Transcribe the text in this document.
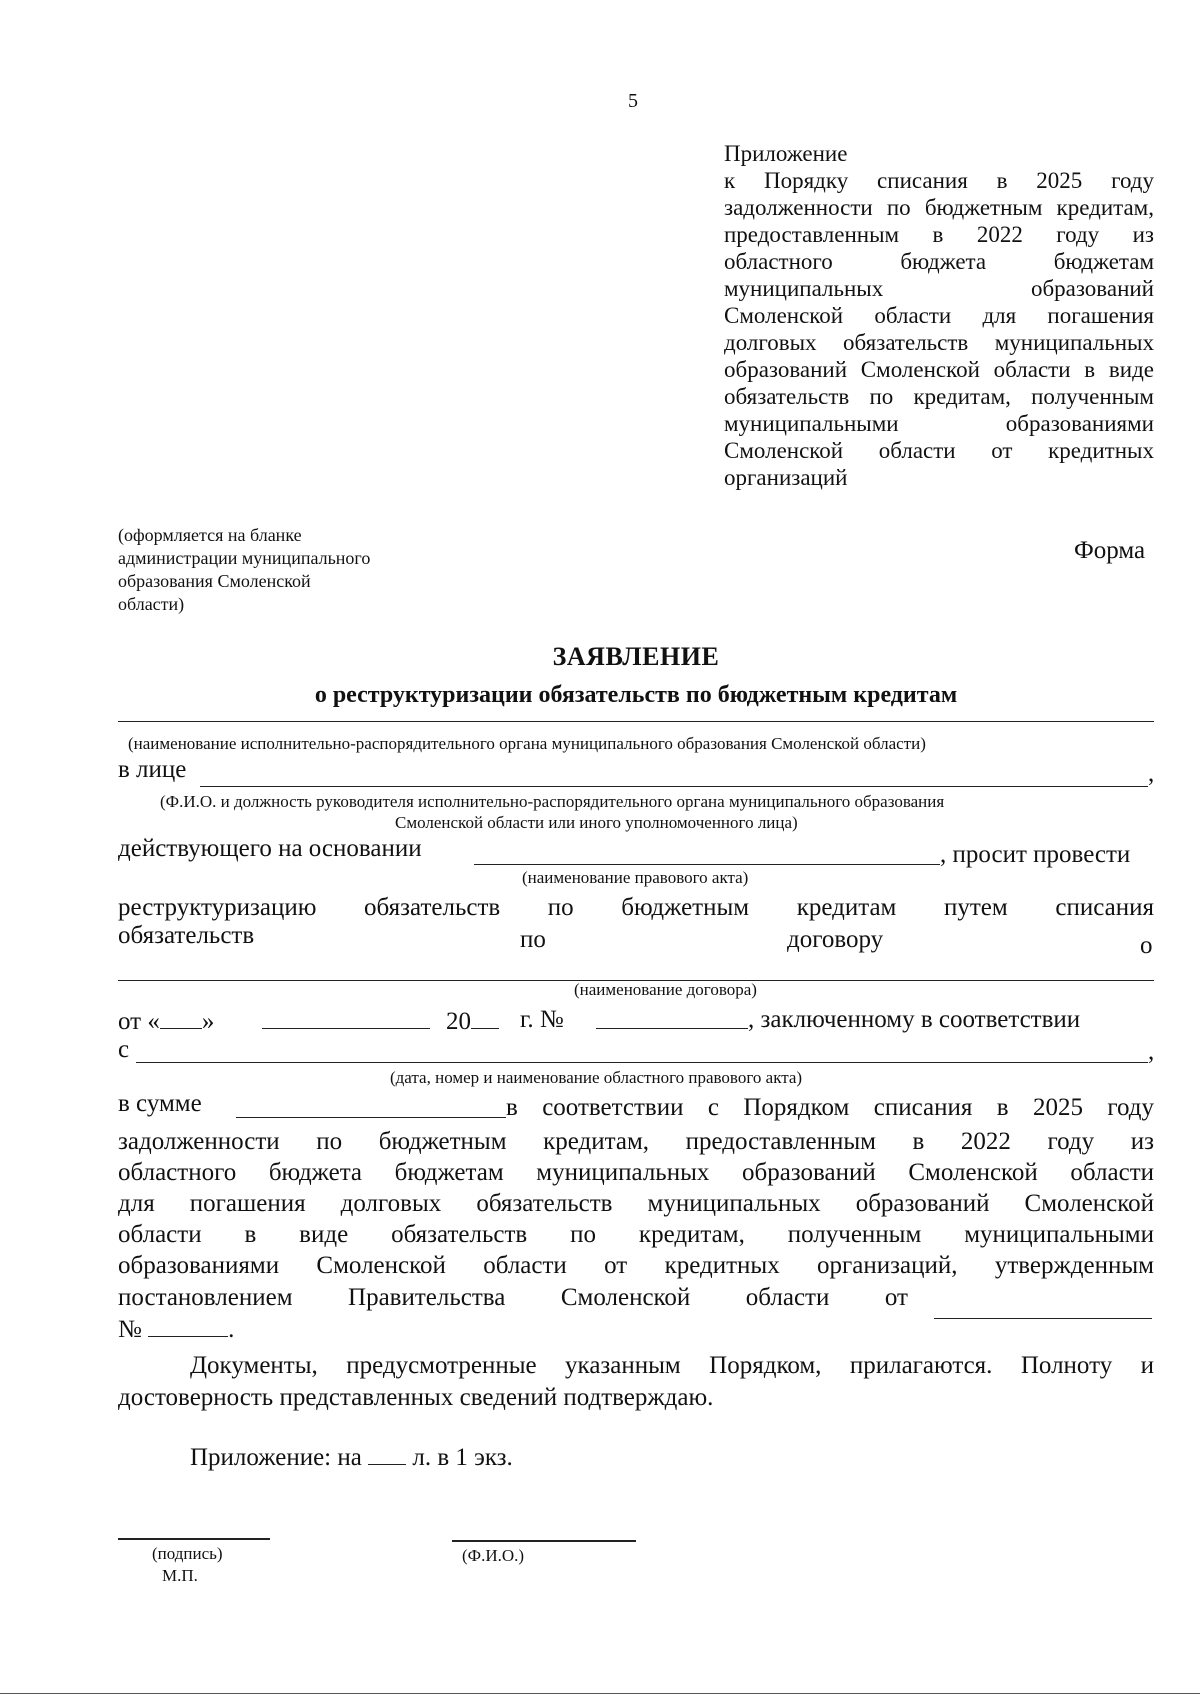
5
Приложение
к Порядку списания в 2025 году
задолженности по бюджетным кредитам,
предоставленным в 2022 году из
областного бюджета бюджетам
муниципальных образований
Смоленской области для погашения
долговых обязательств муниципальных
образований Смоленской области в виде
обязательств по кредитам, полученным
муниципальными образованиями
Смоленской области от кредитных
организаций
(оформляется на бланке
администрации муниципального
образования Смоленской
области)
Форма
ЗАЯВЛЕНИЕ
о реструктуризации обязательств по бюджетным кредитам
(наименование исполнительно-распорядительного органа муниципального образования Смоленской области)
в лице	,
(Ф.И.О. и должность руководителя исполнительно-распорядительного органа муниципального образования
Смоленской области или иного уполномоченного лица)
действующего на основании	, просит провести
(наименование правового акта)
реструктуризацию обязательств по бюджетным кредитам путем списания
обязательств	по	договору	о
(наименование договора)
от « »	20	г. №	, заключенному в соответствии
с	,
(дата, номер и наименование областного правового акта)
в сумме	в соответствии с Порядком списания в 2025 году
задолженности по бюджетным кредитам, предоставленным в 2022 году из
областного бюджета бюджетам муниципальных образований Смоленской области
для погашения долговых обязательств муниципальных образований Смоленской
области в виде обязательств по кредитам, полученным муниципальными
образованиями Смоленской области от кредитных организаций, утвержденным
постановлением Правительства Смоленской области от
№	.
Документы, предусмотренные указанным Порядком, прилагаются. Полноту и
достоверность представленных сведений подтверждаю.
Приложение: на л. в 1 экз.
(подпись)
М.П.
(Ф.И.О.)
